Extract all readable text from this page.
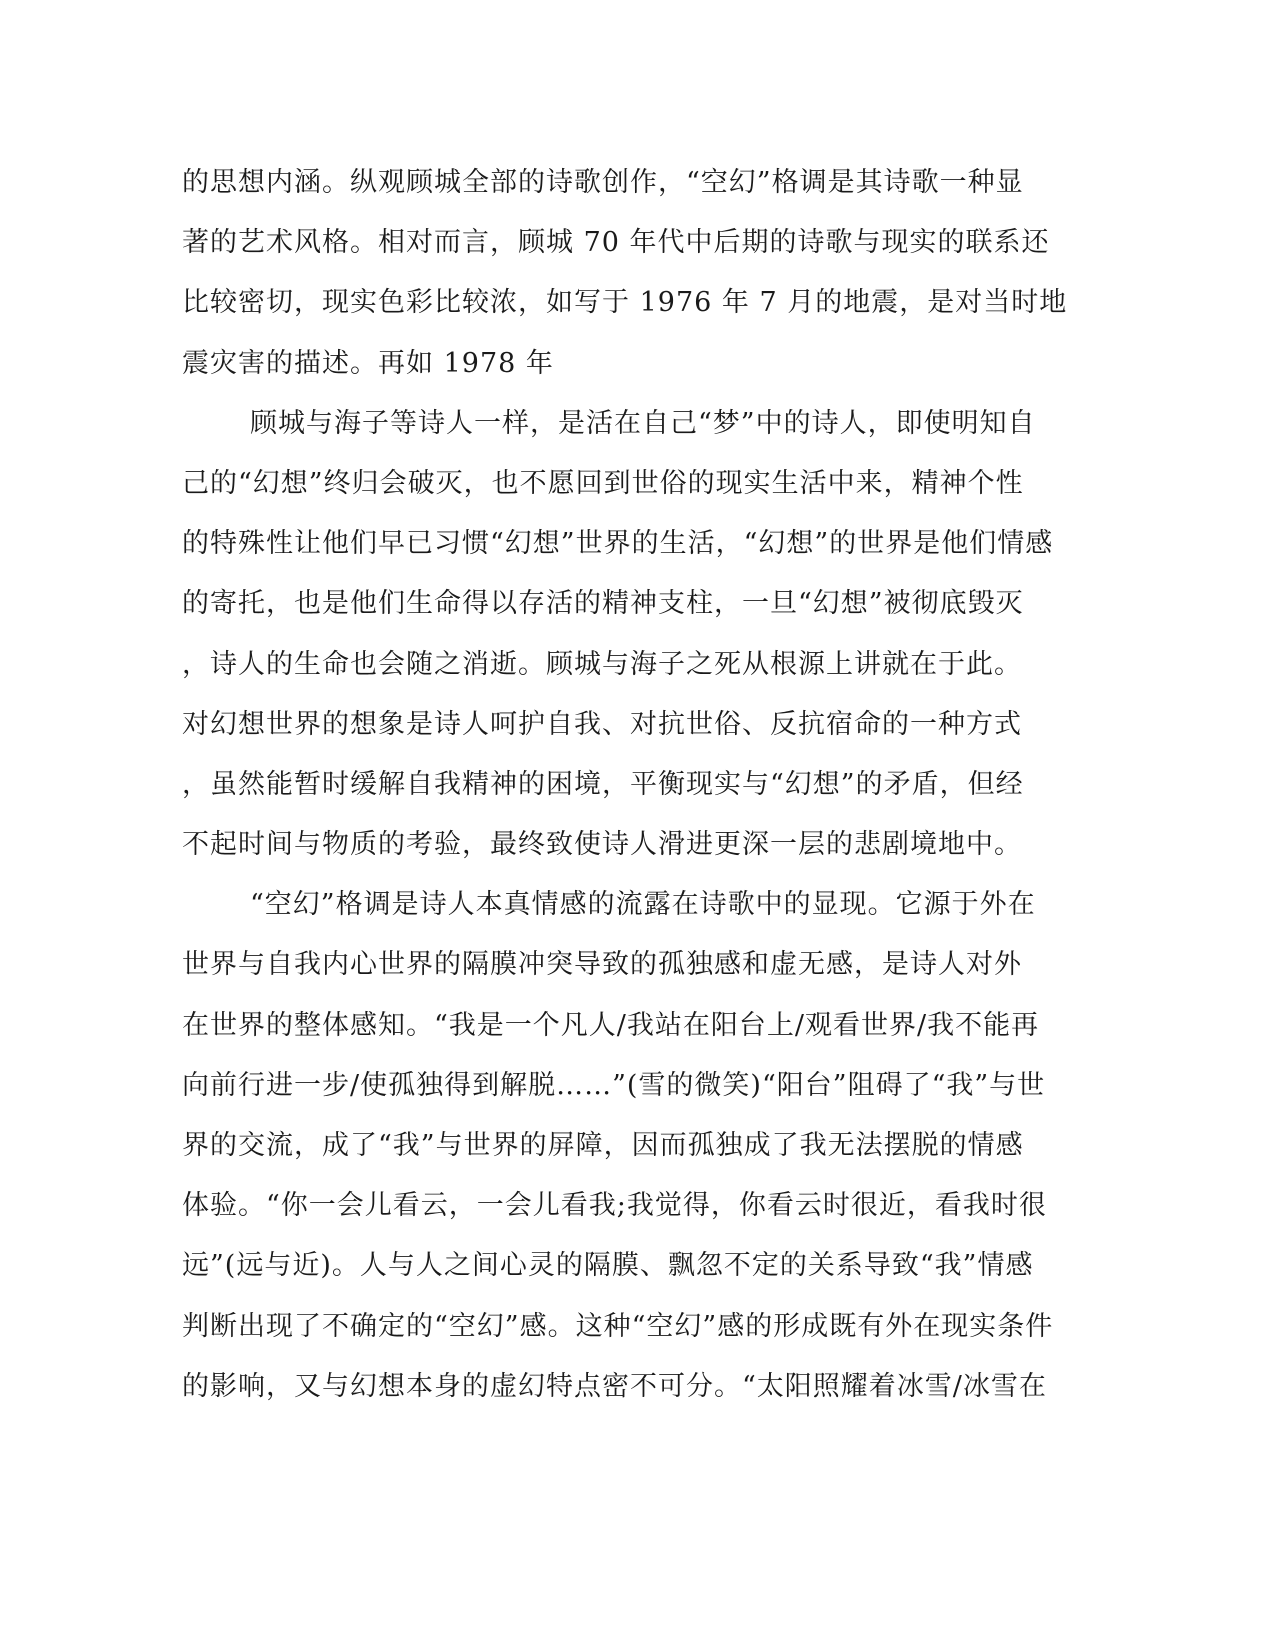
的思想内涵。纵观顾城全部的诗歌创作，“空幻”格调是其诗歌一种显
著的艺术风格。相对而言，顾城 70 年代中后期的诗歌与现实的联系还
比较密切，现实色彩比较浓，如写于 1976 年 7 月的地震，是对当时地
震灾害的描述。再如 1978 年
顾城与海子等诗人一样，是活在自己“梦”中的诗人，即使明知自
己的“幻想”终归会破灭，也不愿回到世俗的现实生活中来，精神个性
的特殊性让他们早已习惯“幻想”世界的生活，“幻想”的世界是他们情感
的寄托，也是他们生命得以存活的精神支柱，一旦“幻想”被彻底毁灭
，诗人的生命也会随之消逝。顾城与海子之死从根源上讲就在于此。
对幻想世界的想象是诗人呵护自我、对抗世俗、反抗宿命的一种方式
，虽然能暂时缓解自我精神的困境，平衡现实与“幻想”的矛盾，但经
不起时间与物质的考验，最终致使诗人滑进更深一层的悲剧境地中。
“空幻”格调是诗人本真情感的流露在诗歌中的显现。它源于外在
世界与自我内心世界的隔膜冲突导致的孤独感和虚无感，是诗人对外
在世界的整体感知。“我是一个凡人/我站在阳台上/观看世界/我不能再
向前行进一步/使孤独得到解脱……”(雪的微笑)“阳台”阻碍了“我”与世
界的交流，成了“我”与世界的屏障，因而孤独成了我无法摆脱的情感
体验。“你一会儿看云，一会儿看我;我觉得，你看云时很近，看我时很
远”(远与近)。人与人之间心灵的隔膜、飘忽不定的关系导致“我”情感
判断出现了不确定的“空幻”感。这种“空幻”感的形成既有外在现实条件
的影响，又与幻想本身的虚幻特点密不可分。“太阳照耀着冰雪/冰雪在
